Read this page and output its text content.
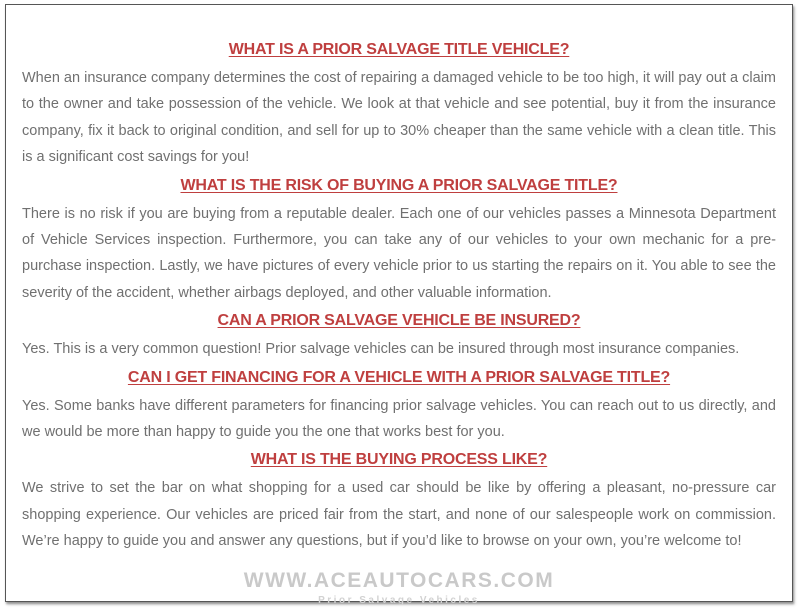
WHAT IS A PRIOR SALVAGE TITLE VEHICLE?

When an insurance company determines the cost of repairing a damaged vehicle to be too high, it will pay out a claim to the owner and take possession of the vehicle. We look at that vehicle and see potential, buy it from the insurance company, fix it back to original condition, and sell for up to 30% cheaper than the same vehicle with a clean title. This is a significant cost savings for you!

WHAT IS THE RISK OF BUYING A PRIOR SALVAGE TITLE?

There is no risk if you are buying from a reputable dealer. Each one of our vehicles passes a Minnesota Department of Vehicle Services inspection. Furthermore, you can take any of our vehicles to your own mechanic for a pre-purchase inspection. Lastly, we have pictures of every vehicle prior to us starting the repairs on it. You able to see the severity of the accident, whether airbags deployed, and other valuable information.

CAN A PRIOR SALVAGE VEHICLE BE INSURED?

Yes. This is a very common question! Prior salvage vehicles can be insured through most insurance companies.

CAN I GET FINANCING FOR A VEHICLE WITH A PRIOR SALVAGE TITLE?

Yes. Some banks have different parameters for financing prior salvage vehicles. You can reach out to us directly, and we would be more than happy to guide you the one that works best for you.

WHAT IS THE BUYING PROCESS LIKE?

We strive to set the bar on what shopping for a used car should be like by offering a pleasant, no-pressure car shopping experience. Our vehicles are priced fair from the start, and none of our salespeople work on commission. We’re happy to guide you and answer any questions, but if you’d like to browse on your own, you’re welcome to!

WWW.ACEAUTOCARS.COM
Prior Salvage Vehicles
